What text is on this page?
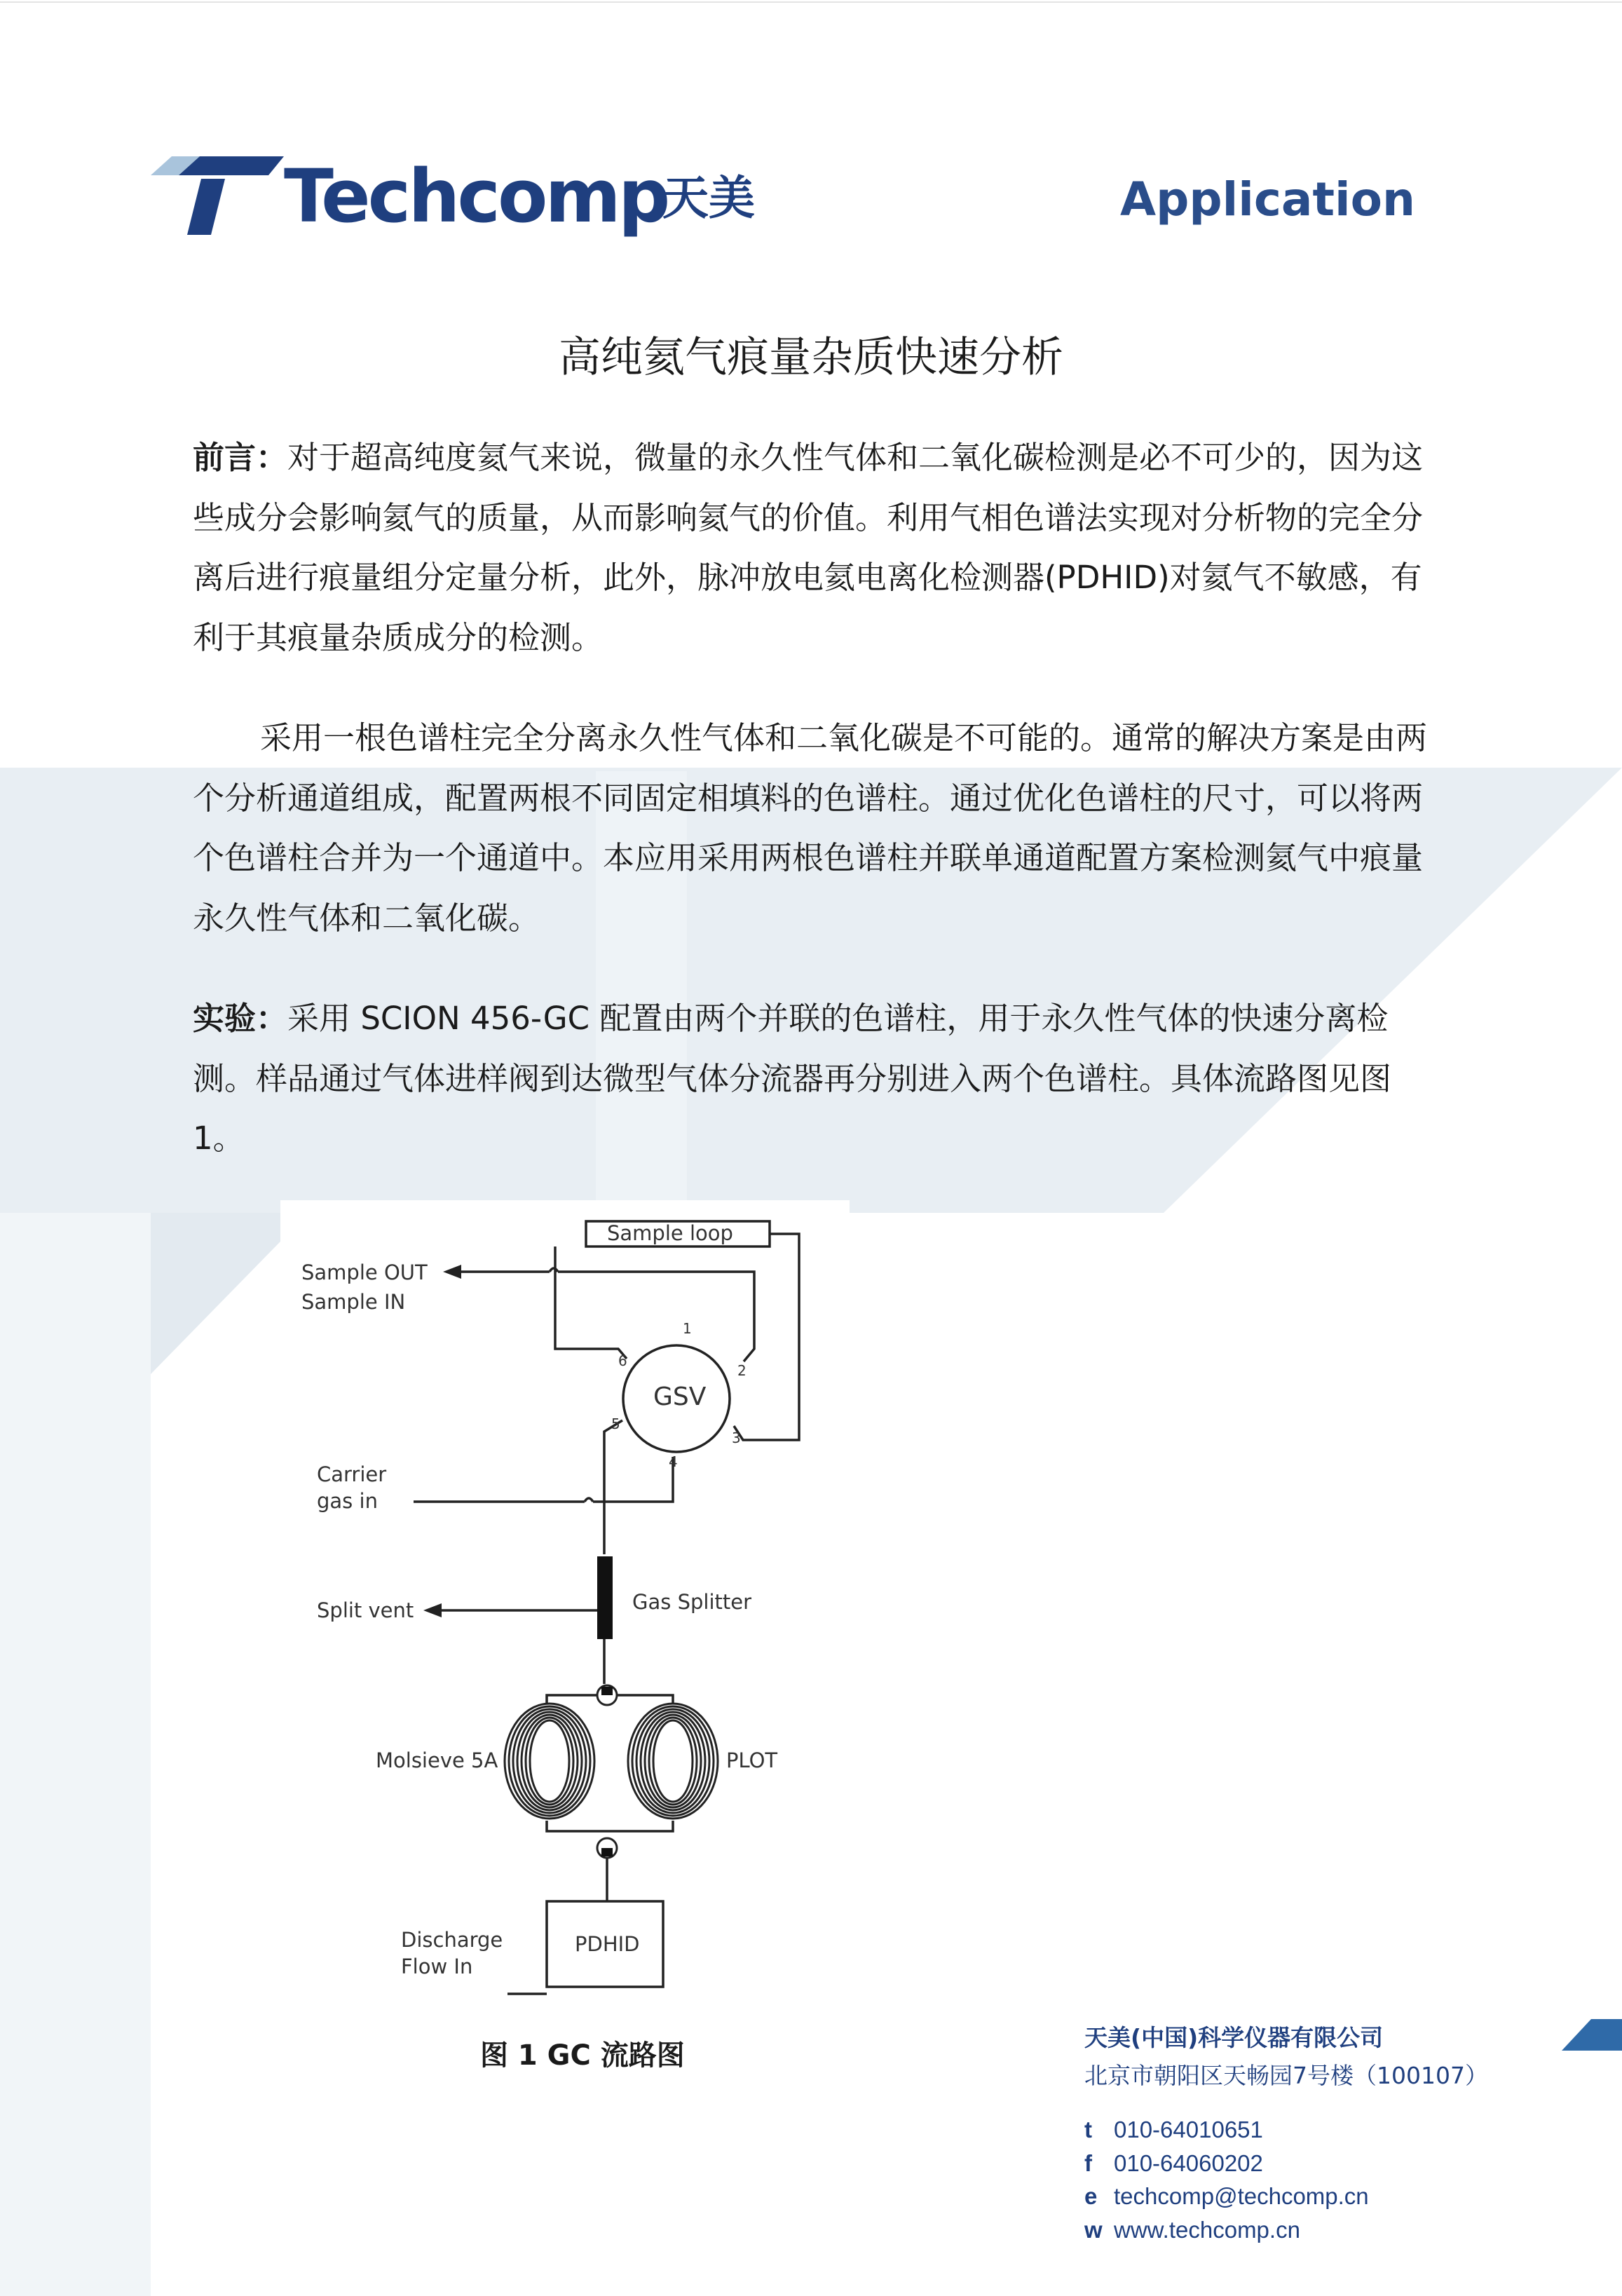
Techcomp
天美	Application
高纯氦气痕量杂质快速分析
前言：对于超高纯度氦气来说，微量的永久性气体和二氧化碳检测是必不可少的，因为这些成分会影响氦气的质量，从而影响氦气的价值。利用气相色谱法实现对分析物的完全分离后进行痕量组分定量分析，此外，脉冲放电氦电离化检测器(PDHID)对氦气不敏感，有利于其痕量杂质成分的检测。
采用一根色谱柱完全分离永久性气体和二氧化碳是不可能的。通常的解决方案是由两个分析通道组成，配置两根不同固定相填料的色谱柱。通过优化色谱柱的尺寸，可以将两个色谱柱合并为一个通道中。本应用采用两根色谱柱并联单通道配置方案检测氦气中痕量永久性气体和二氧化碳。
实验：采用 SCION 456-GC 配置由两个并联的色谱柱，用于永久性气体的快速分离检测。样品通过气体进样阀到达微型气体分流器再分别进入两个色谱柱。具体流路图见图 1。
Sample loop
Sample OUT
Sample IN
GSV
1
2
3
4
5
6
Carrier
gas in
Gas Splitter
Split vent
Molsieve 5A	PLOT
Discharge
Flow In
PDHID
图 1 GC 流路图
天美(中国)科学仪器有限公司
北京市朝阳区天畅园7号楼（100107）
t 010-64010651
f 010-64060202
e techcomp@techcomp.cn
w www.techcomp.cn
